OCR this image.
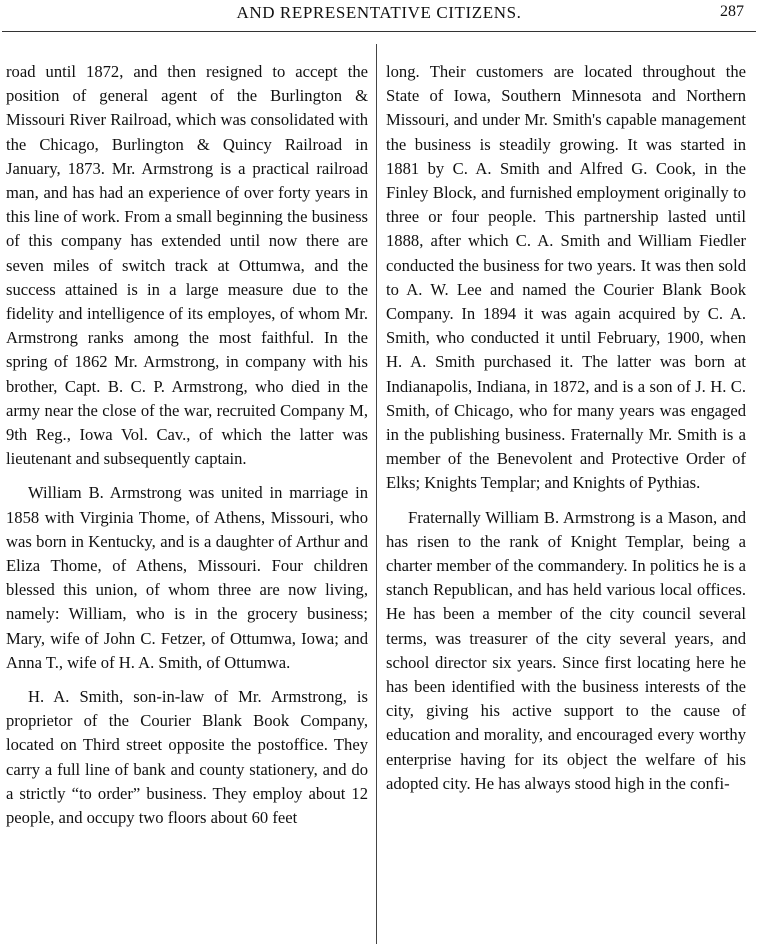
AND REPRESENTATIVE CITIZENS.	287

road until 1872, and then resigned to accept the position of general agent of the Burlington & Missouri River Railroad, which was consolidated with the Chicago, Burlington & Quincy Railroad in January, 1873. Mr. Armstrong is a practical railroad man, and has had an experience of over forty years in this line of work. From a small beginning the business of this company has extended until now there are seven miles of switch track at Ottumwa, and the success attained is in a large measure due to the fidelity and intelligence of its employes, of whom Mr. Armstrong ranks among the most faithful. In the spring of 1862 Mr. Armstrong, in company with his brother, Capt. B. C. P. Armstrong, who died in the army near the close of the war, recruited Company M, 9th Reg., Iowa Vol. Cav., of which the latter was lieutenant and subsequently captain.

William B. Armstrong was united in marriage in 1858 with Virginia Thome, of Athens, Missouri, who was born in Kentucky, and is a daughter of Arthur and Eliza Thome, of Athens, Missouri. Four children blessed this union, of whom three are now living, namely: William, who is in the grocery business; Mary, wife of John C. Fetzer, of Ottumwa, Iowa; and Anna T., wife of H. A. Smith, of Ottumwa.

H. A. Smith, son-in-law of Mr. Armstrong, is proprietor of the Courier Blank Book Company, located on Third street opposite the postoffice. They carry a full line of bank and county stationery, and do a strictly “to order” business. They employ about 12 people, and occupy two floors about 60 feet

long. Their customers are located throughout the State of Iowa, Southern Minnesota and Northern Missouri, and under Mr. Smith's capable management the business is steadily growing. It was started in 1881 by C. A. Smith and Alfred G. Cook, in the Finley Block, and furnished employment originally to three or four people. This partnership lasted until 1888, after which C. A. Smith and William Fiedler conducted the business for two years. It was then sold to A. W. Lee and named the Courier Blank Book Company. In 1894 it was again acquired by C. A. Smith, who conducted it until February, 1900, when H. A. Smith purchased it. The latter was born at Indianapolis, Indiana, in 1872, and is a son of J. H. C. Smith, of Chicago, who for many years was engaged in the publishing business. Fraternally Mr. Smith is a member of the Benevolent and Protective Order of Elks; Knights Templar; and Knights of Pythias.

Fraternally William B. Armstrong is a Mason, and has risen to the rank of Knight Templar, being a charter member of the commandery. In politics he is a stanch Republican, and has held various local offices. He has been a member of the city council several terms, was treasurer of the city several years, and school director six years. Since first locating here he has been identified with the business interests of the city, giving his active support to the cause of education and morality, and encouraged every worthy enterprise having for its object the welfare of his adopted city. He has always stood high in the confi-
